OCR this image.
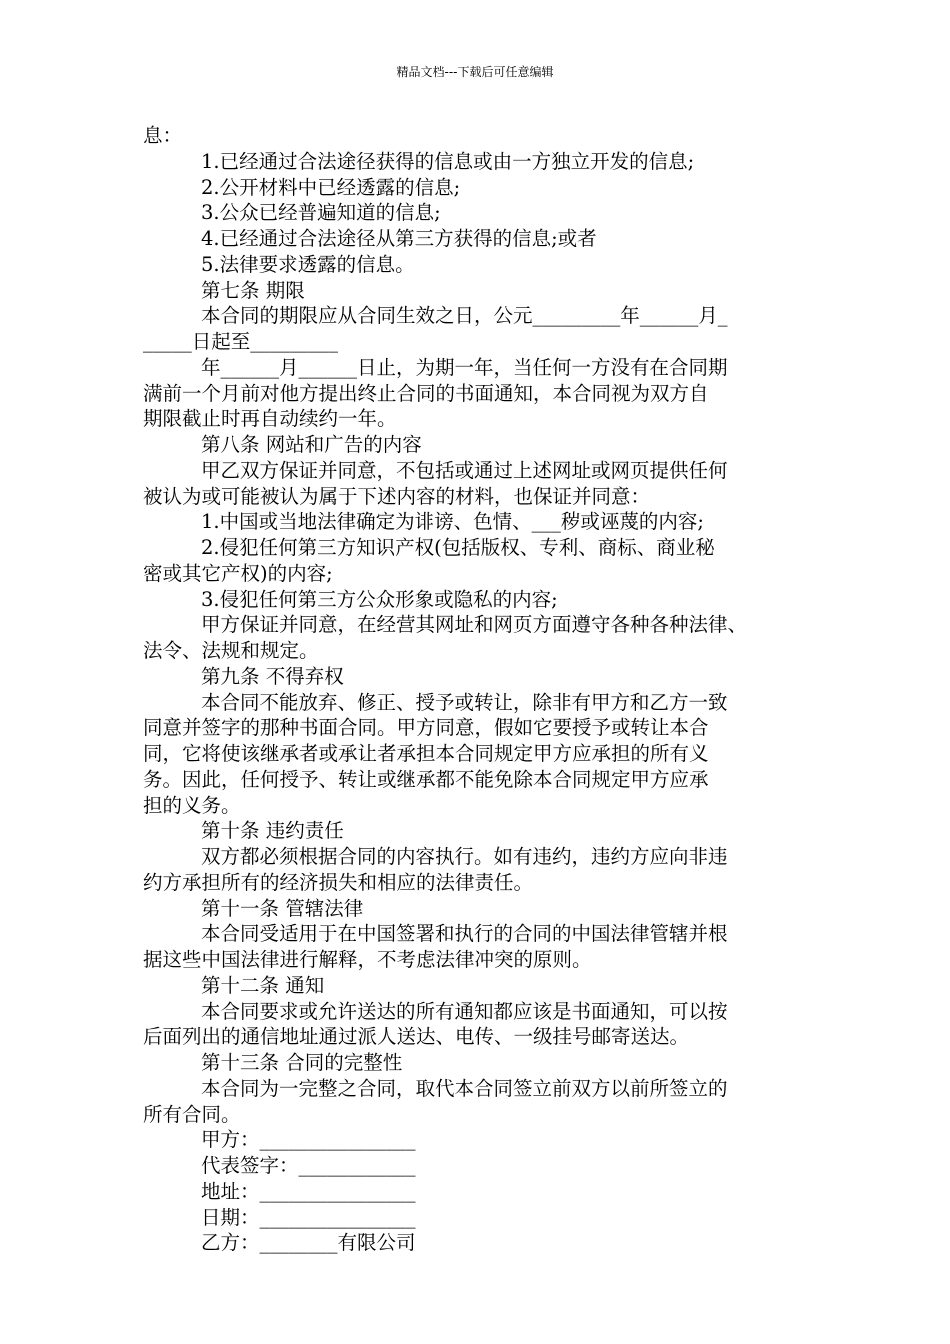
精品文档---下载后可任意编辑
息：
1.已经通过合法途径获得的信息或由一方独立开发的信息;
2.公开材料中已经透露的信息;
3.公众已经普遍知道的信息;
4.已经通过合法途径从第三方获得的信息;或者
5.法律要求透露的信息。
第七条 期限
本合同的期限应从合同生效之日，公元_________年______月_
_____日起至_________
年______月______日止，为期一年，当任何一方没有在合同期
满前一个月前对他方提出终止合同的书面通知，本合同视为双方自
期限截止时再自动续约一年。
第八条 网站和广告的内容
甲乙双方保证并同意，不包括或通过上述网址或网页提供任何
被认为或可能被认为属于下述内容的材料，也保证并同意：
1.中国或当地法律确定为诽谤、色情、___秽或诬蔑的内容;
2.侵犯任何第三方知识产权(包括版权、专利、商标、商业秘
密或其它产权)的内容;
3.侵犯任何第三方公众形象或隐私的内容;
甲方保证并同意，在经营其网址和网页方面遵守各种各种法律、
法令、法规和规定。
第九条 不得弃权
本合同不能放弃、修正、授予或转让，除非有甲方和乙方一致
同意并签字的那种书面合同。甲方同意，假如它要授予或转让本合
同，它将使该继承者或承让者承担本合同规定甲方应承担的所有义
务。因此，任何授予、转让或继承都不能免除本合同规定甲方应承
担的义务。
第十条 违约责任
双方都必须根据合同的内容执行。如有违约，违约方应向非违
约方承担所有的经济损失和相应的法律责任。
第十一条 管辖法律
本合同受适用于在中国签署和执行的合同的中国法律管辖并根
据这些中国法律进行解释，不考虑法律冲突的原则。
第十二条 通知
本合同要求或允许送达的所有通知都应该是书面通知，可以按
后面列出的通信地址通过派人送达、电传、一级挂号邮寄送达。
第十三条 合同的完整性
本合同为一完整之合同，取代本合同签立前双方以前所签立的
所有合同。
甲方：________________
代表签字：____________
地址：________________
日期：________________
乙方：________有限公司
